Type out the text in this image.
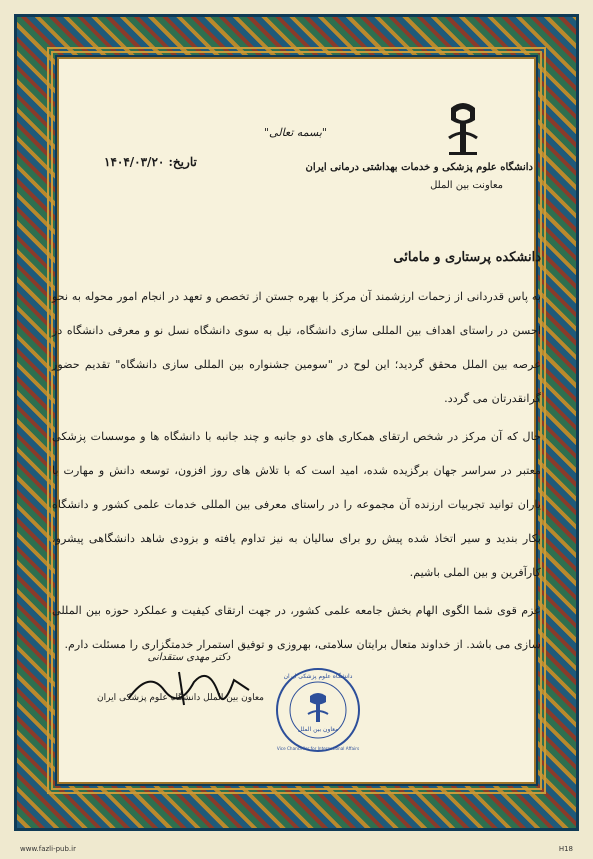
دانشگاه علوم پزشکی و خدمات بهداشتی درمانی ایران
معاونت بین الملل
"بسمه تعالی"
تاریخ: ۱۴۰۴/۰۳/۲۰
دانشکده پرستاری و مامائی

به پاس قدردانی از زحمات ارزشمند آن مرکز با بهره جستن از تخصص و تعهد در انجام امور محوله به نحو احسن در راستای اهداف بین المللی سازی دانشگاه، نیل به سوی دانشگاه نسل نو و معرفی دانشگاه در عرصه بین الملل محقق گردید؛ این لوح در "سومین جشنواره بین المللی سازی دانشگاه" تقدیم حضور گرانقدرتان می گردد.

حال که آن مرکز در شخص ارتقای همکاری های دو جانبه و چند جانبه با دانشگاه ها و موسسات پزشکی معتبر در سراسر جهان برگزیده شده، امید است که با تلاش های روز افزون، توسعه دانش و مهارت با یاران توانید تجربیات ارزنده آن مجموعه را در راستای معرفی بین المللی خدمات علمی کشور و دانشگاه بکار بندید و سیر اتخاذ شده پیش رو برای سالیان به نیز تداوم یافته و بزودی شاهد دانشگاهی پیشرو، کارآفرین و بین الملی باشیم.

عزم قوی شما الگوی الهام بخش جامعه علمی کشور، در جهت ارتقای کیفیت و عملکرد حوزه بین المللی سازی می باشد. از خداوند متعال برایتان سلامتی، بهروزی و توفیق استمرار خدمتگزاری را مسئلت دارم.

دکتر مهدی ستقدانی
معاون بین الملل دانشگاه علوم پزشکی ایران
معاون بین الملل
دانشگاه علوم پزشکی ایران
Vice Chancellor for International Affairs
www.fazli-pub.ir	H18
